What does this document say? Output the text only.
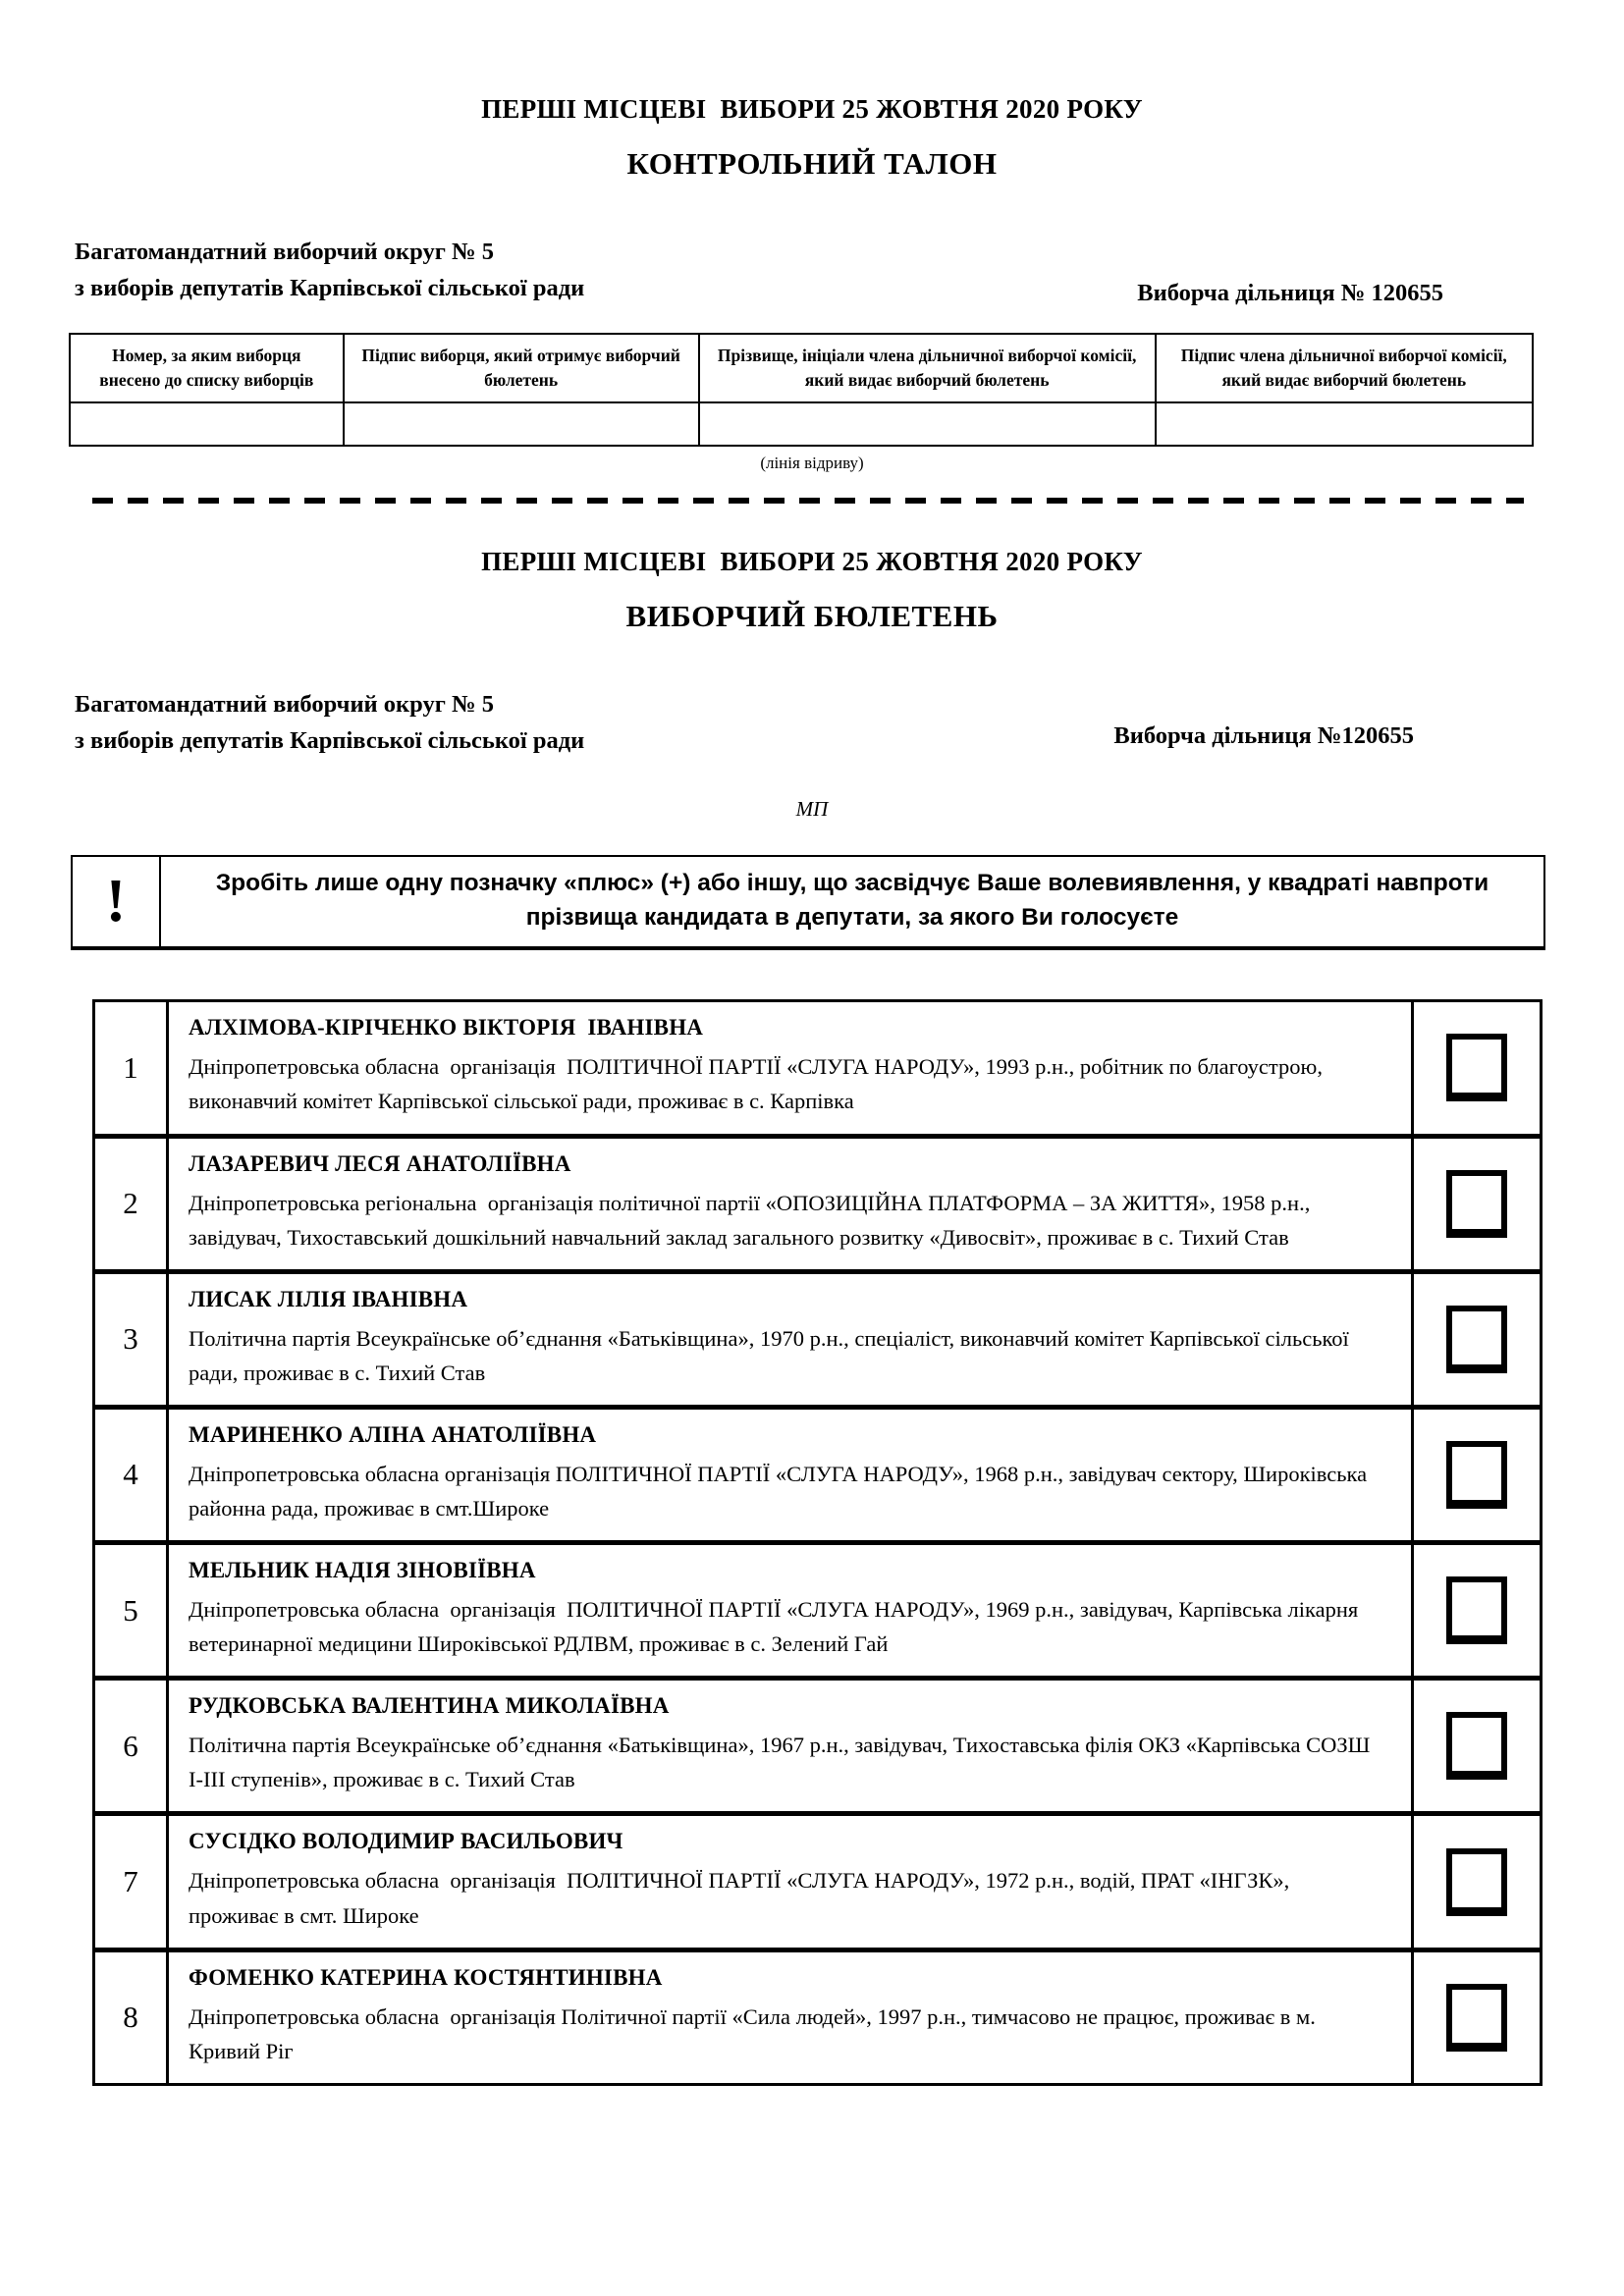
ПЕРШІ МІСЦЕВІ  ВИБОРИ 25 ЖОВТНЯ 2020 РОКУ
КОНТРОЛЬНИЙ ТАЛОН
Багатомандатний виборчий округ № 5
з виборів депутатів Карпівської сільської ради	Виборча дільниця № 120655
Номер, за яким виборця внесено до списку виборців	Підпис виборця, який отримує виборчий бюлетень	Прізвище, ініціали члена дільничної виборчої комісії, який видає виборчий бюлетень	Підпис члена дільничної виборчої комісії, який видає виборчий бюлетень

(лінія відриву)
ПЕРШІ МІСЦЕВІ  ВИБОРИ 25 ЖОВТНЯ 2020 РОКУ
ВИБОРЧИЙ БЮЛЕТЕНЬ
Багатомандатний виборчий округ № 5
з виборів депутатів Карпівської сільської ради	Виборча дільниця №120655
МП
!	Зробіть лише одну позначку «плюс» (+) або іншу, що засвідчує Ваше волевиявлення, у квадраті навпроти прізвища кандидата в депутати, за якого Ви голосуєте
1	АЛХІМОВА-КІРІЧЕНКО ВІКТОРІЯ  ІВАНІВНА
Дніпропетровська обласна  організація  ПОЛІТИЧНОЇ ПАРТІЇ «СЛУГА НАРОДУ», 1993 р.н., робітник по благоустрою, виконавчий комітет Карпівської сільської ради, проживає в с. Карпівка	

2	ЛАЗАРЕВИЧ ЛЕСЯ АНАТОЛІЇВНА
Дніпропетровська регіональна  організація політичної партії «ОПОЗИЦІЙНА ПЛАТФОРМА – ЗА ЖИТТЯ», 1958 р.н., завідувач, Тихоставський дошкільний навчальний заклад загального розвитку «Дивосвіт», проживає в с. Тихий Став	

3	ЛИСАК ЛІЛІЯ ІВАНІВНА
Політична партія Всеукраїнське об’єднання «Батьківщина», 1970 р.н., спеціаліст, виконавчий комітет Карпівської сільської ради, проживає в с. Тихий Став	

4	МАРИНЕНКО АЛІНА АНАТОЛІЇВНА
Дніпропетровська обласна організація ПОЛІТИЧНОЇ ПАРТІЇ «СЛУГА НАРОДУ», 1968 р.н., завідувач сектору, Широківська районна рада, проживає в смт.Широке	

5	МЕЛЬНИК НАДІЯ ЗІНОВІЇВНА
Дніпропетровська обласна  організація  ПОЛІТИЧНОЇ ПАРТІЇ «СЛУГА НАРОДУ», 1969 р.н., завідувач, Карпівська лікарня ветеринарної медицини Широківської РДЛВМ, проживає в с. Зелений Гай	

6	РУДКОВСЬКА ВАЛЕНТИНА МИКОЛАЇВНА
Політична партія Всеукраїнське об’єднання «Батьківщина», 1967 р.н., завідувач, Тихоставська філія ОКЗ «Карпівська СОЗШ І-ІІІ ступенів», проживає в с. Тихий Став	

7	СУСІДКО ВОЛОДИМИР ВАСИЛЬОВИЧ
Дніпропетровська обласна  організація  ПОЛІТИЧНОЇ ПАРТІЇ «СЛУГА НАРОДУ», 1972 р.н., водій, ПРАТ «ІНГЗК», проживає в смт. Широке	

8	ФОМЕНКО КАТЕРИНА КОСТЯНТИНІВНА
Дніпропетровська обласна  організація Політичної партії «Сила людей», 1997 р.н., тимчасово не працює, проживає в м. Кривий Ріг	
